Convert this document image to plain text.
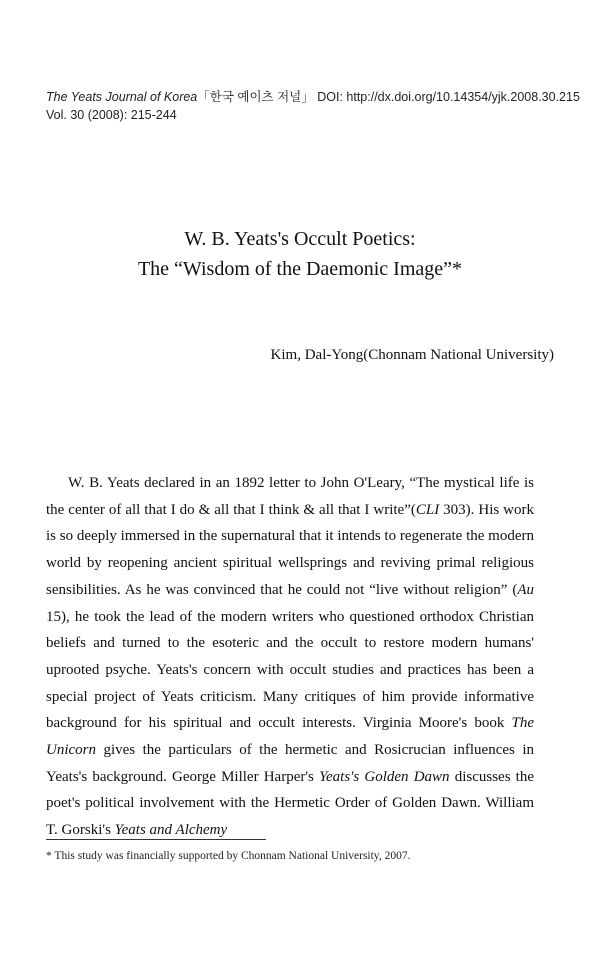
The Yeats Journal of Korea「한국 예이츠 저널」 DOI: http://dx.doi.org/10.14354/yjk.2008.30.215
Vol. 30 (2008): 215-244
W. B. Yeats's Occult Poetics:
The “Wisdom of the Daemonic Image”*
Kim, Dal-Yong(Chonnam National University)

W. B. Yeats declared in an 1892 letter to John O'Leary, “The mystical life is the center of all that I do & all that I think & all that I write”(CLI 303). His work is so deeply immersed in the supernatural that it intends to regenerate the modern world by reopening ancient spiritual wellsprings and reviving primal religious sensibilities. As he was convinced that he could not “live without religion” (Au 15), he took the lead of the modern writers who questioned orthodox Christian beliefs and turned to the esoteric and the occult to restore modern humans' uprooted psyche. Yeats's concern with occult studies and practices has been a special project of Yeats criticism. Many critiques of him provide informative background for his spiritual and occult interests. Virginia Moore's book The Unicorn gives the particulars of the hermetic and Rosicrucian influences in Yeats's background. George Miller Harper's Yeats's Golden Dawn discusses the poet's political involvement with the Hermetic Order of Golden Dawn. William T. Gorski's Yeats and Alchemy

* This study was financially supported by Chonnam National University, 2007.
